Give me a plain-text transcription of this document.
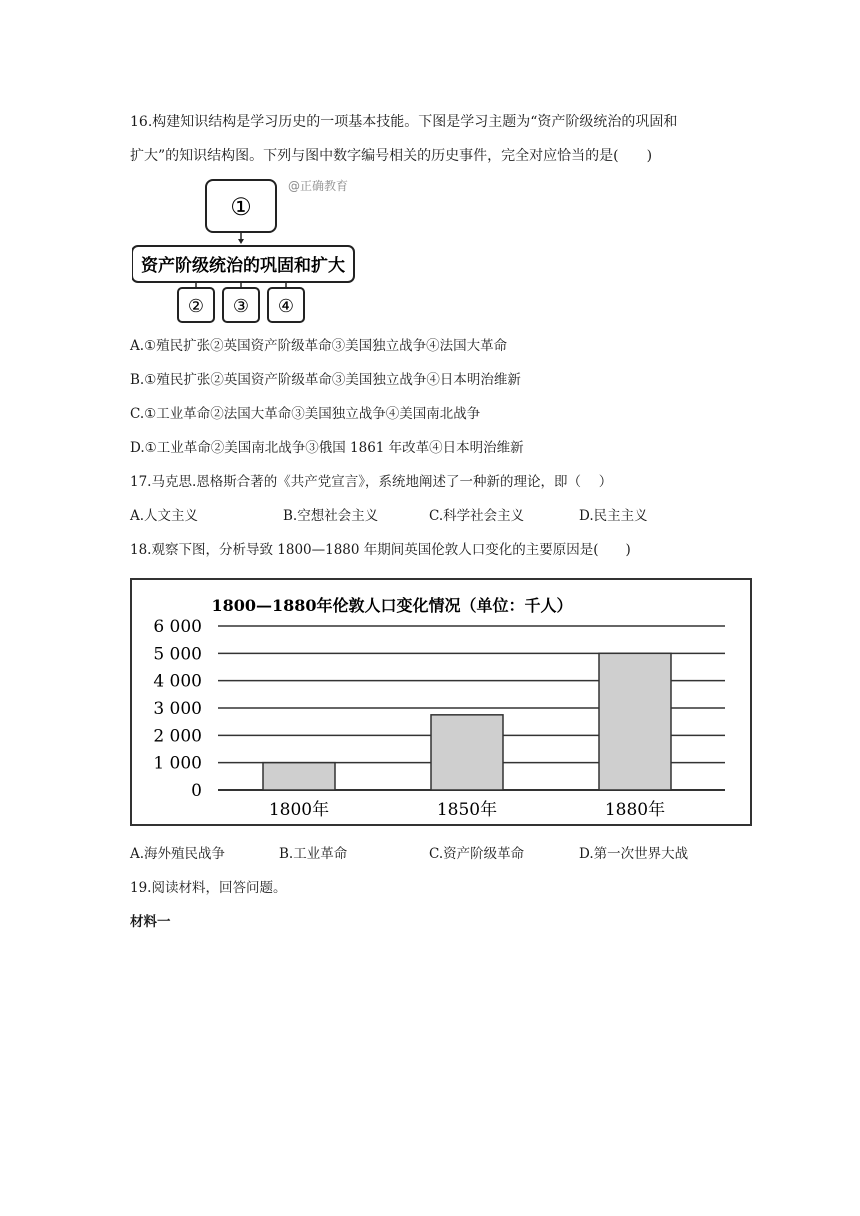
16.构建知识结构是学习历史的一项基本技能。下图是学习主题为“资产阶级统治的巩固和
扩大”的知识结构图。下列与图中数字编号相关的历史事件，完全对应恰当的是(　　)
①
@正确教育
资产阶级统治的巩固和扩大
② ③ ④
A.①殖民扩张②英国资产阶级革命③美国独立战争④法国大革命
B.①殖民扩张②英国资产阶级革命③美国独立战争④日本明治维新
C.①工业革命②法国大革命③美国独立战争④美国南北战争
D.①工业革命②美国南北战争③俄国 1861 年改革④日本明治维新
17.马克思.恩格斯合著的《共产党宣言》，系统地阐述了一种新的理论，即（　 ）
A.人文主义	B.空想社会主义	C.科学社会主义	D.民主主义
18.观察下图，分析导致 1800—1880 年期间英国伦敦人口变化的主要原因是(　　)
1800—1880年伦敦人口变化情况（单位：千人）
0
1 000
2 000
3 000
4 000
5 000
6 000
1800年	1850年	1880年
A.海外殖民战争	B.工业革命	C.资产阶级革命	D.第一次世界大战
19.阅读材料，回答问题。
材料一
